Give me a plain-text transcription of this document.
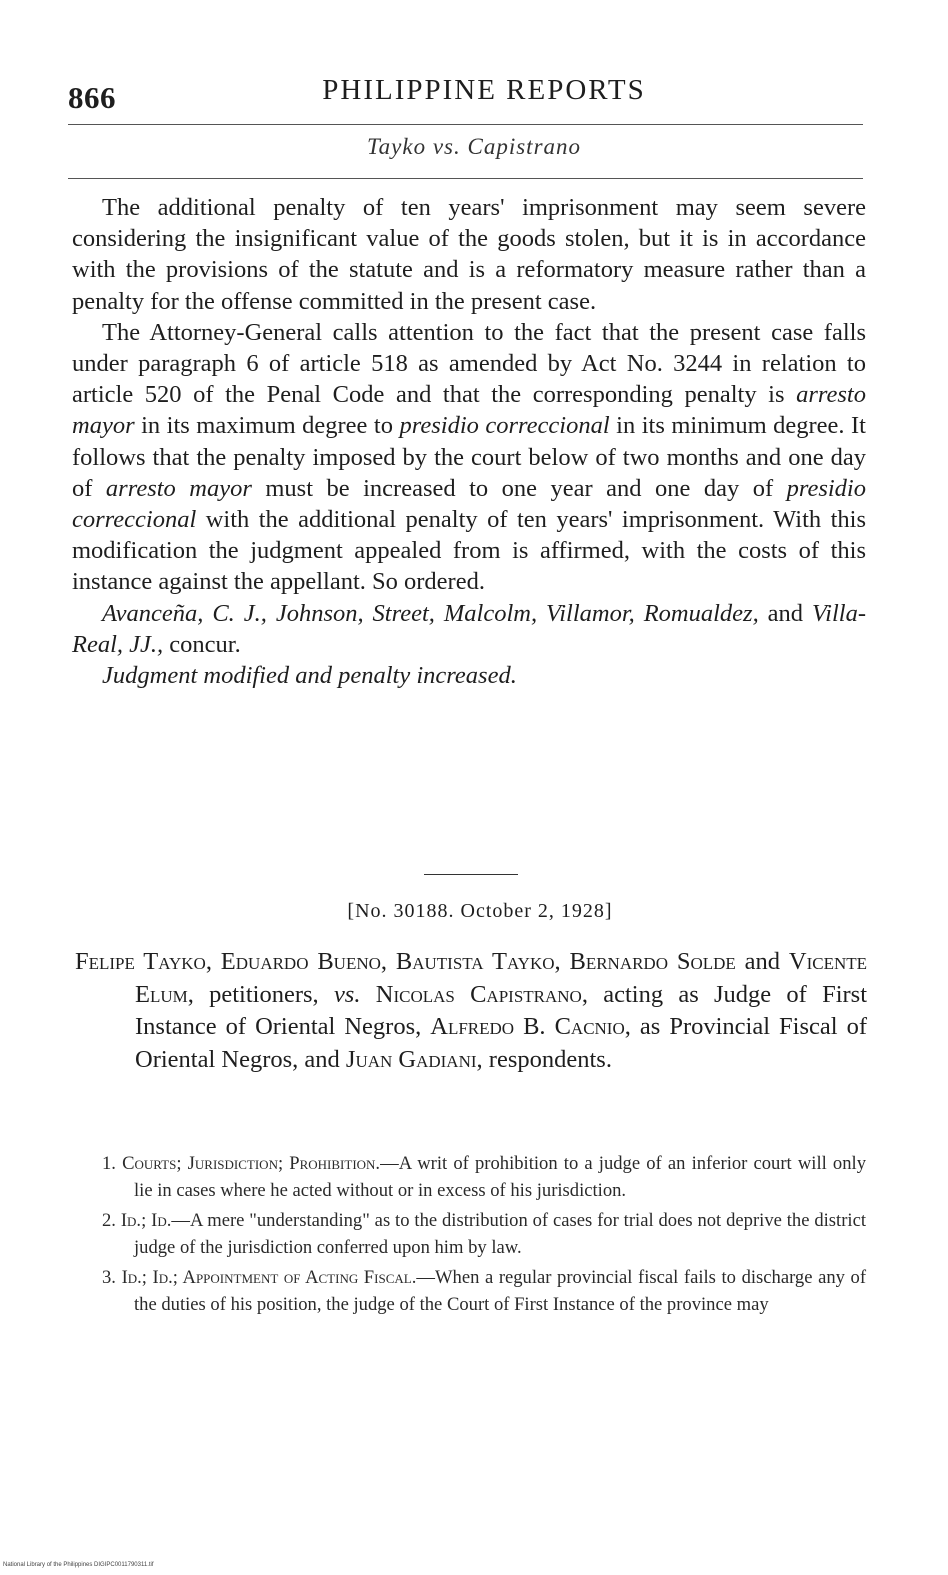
866	PHILIPPINE REPORTS
Tayko vs. Capistrano

The additional penalty of ten years' imprisonment may seem severe considering the insignificant value of the goods stolen, but it is in accordance with the provisions of the statute and is a reformatory measure rather than a penalty for the offense committed in the present case.

The Attorney-General calls attention to the fact that the present case falls under paragraph 6 of article 518 as amended by Act No. 3244 in relation to article 520 of the Penal Code and that the corresponding penalty is arresto mayor in its maximum degree to presidio correccional in its minimum degree. It follows that the penalty imposed by the court below of two months and one day of arresto mayor must be increased to one year and one day of presidio correccional with the additional penalty of ten years' imprisonment. With this modification the judgment appealed from is affirmed, with the costs of this instance against the appellant. So ordered.

Avanceña, C. J., Johnson, Street, Malcolm, Villamor, Romualdez, and Villa-Real, JJ., concur.

Judgment modified and penalty increased.

[No. 30188. October 2, 1928]

Felipe Tayko, Eduardo Bueno, Bautista Tayko, Bernardo Solde and Vicente Elum, petitioners, vs. Nicolas Capistrano, acting as Judge of First Instance of Oriental Negros, Alfredo B. Cacnio, as Provincial Fiscal of Oriental Negros, and Juan Gadiani, respondents.

1. Courts; Jurisdiction; Prohibition.—A writ of prohibition to a judge of an inferior court will only lie in cases where he acted without or in excess of his jurisdiction.

2. Id.; Id.—A mere "understanding" as to the distribution of cases for trial does not deprive the district judge of the jurisdiction conferred upon him by law.

3. Id.; Id.; Appointment of Acting Fiscal.—When a regular provincial fiscal fails to discharge any of the duties of his position, the judge of the Court of First Instance of the province may

National Library of the Philippines DIGIPC0011790311.tif
